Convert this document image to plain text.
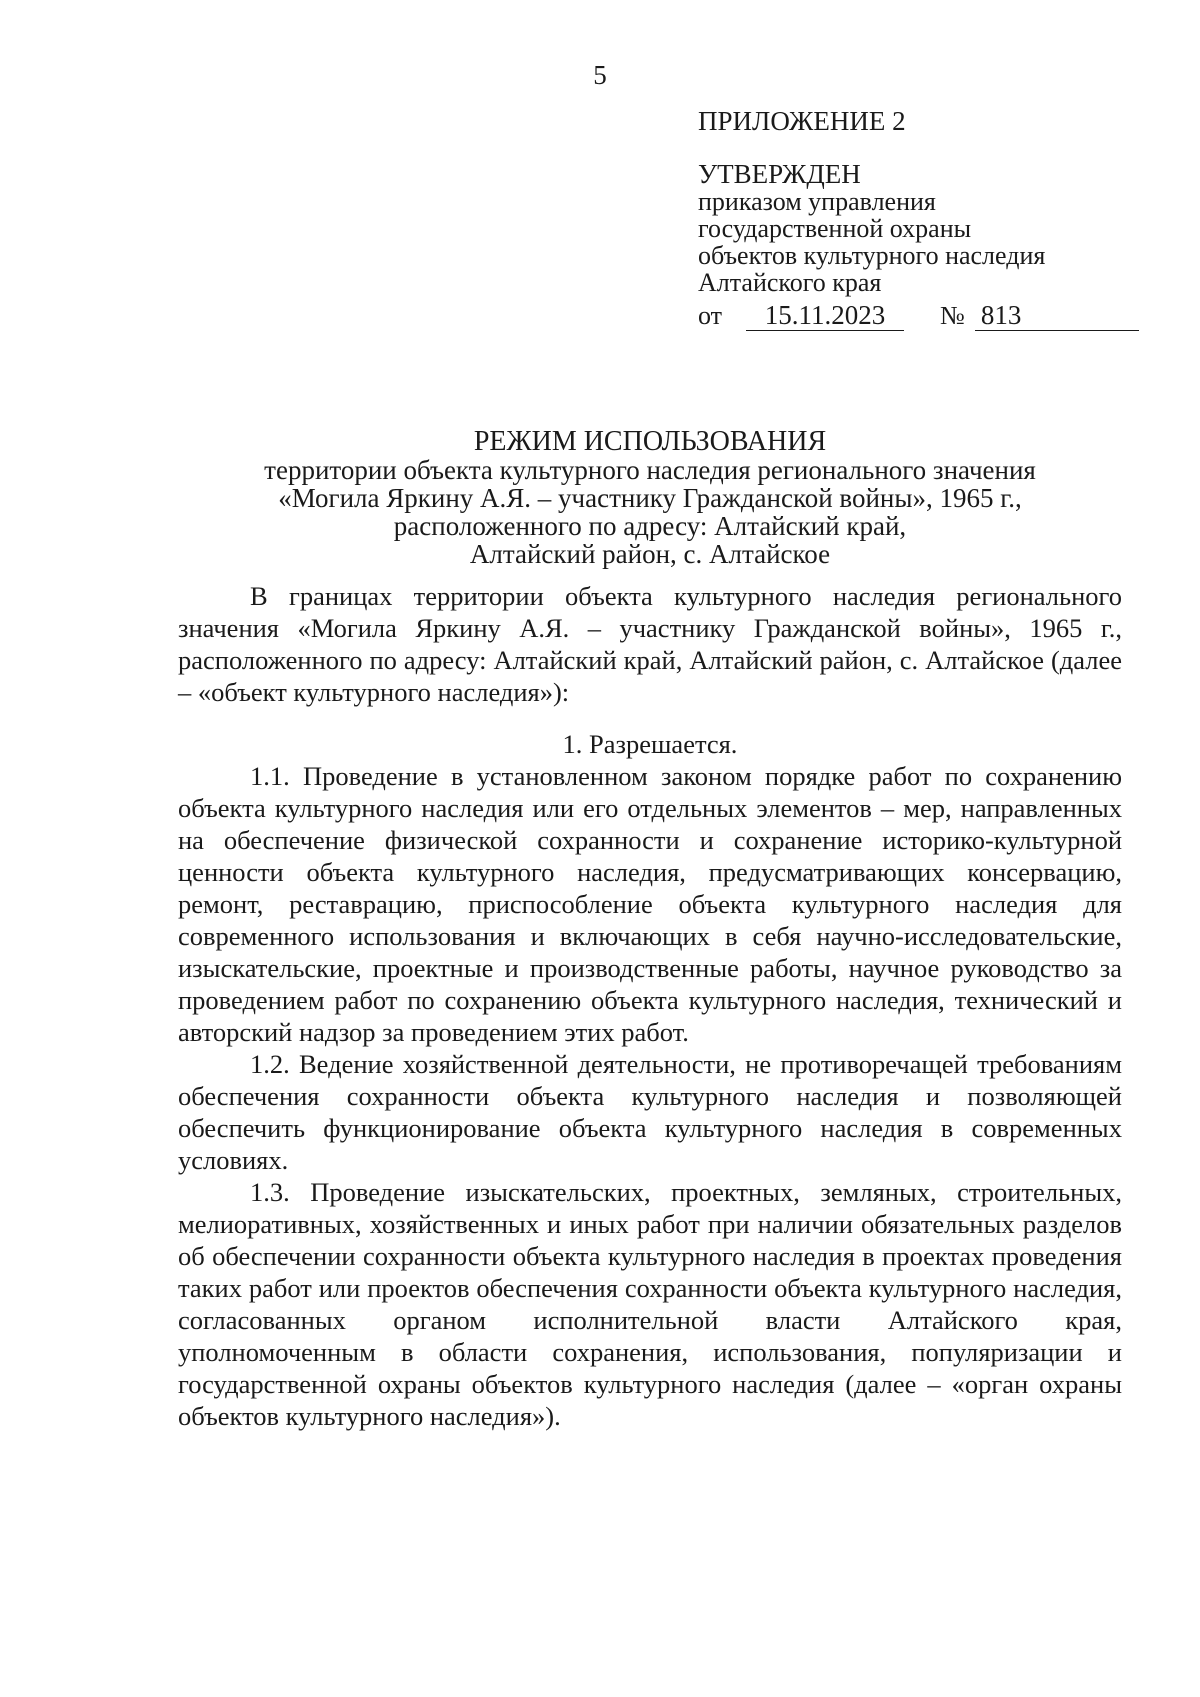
5
ПРИЛОЖЕНИЕ 2
УТВЕРЖДЕН
приказом управления
государственной охраны
объектов культурного наследия
Алтайского края
от 15.11.2023 № 813
РЕЖИМ ИСПОЛЬЗОВАНИЯ
территории объекта культурного наследия регионального значения
«Могила Яркину А.Я. – участнику Гражданской войны», 1965 г.,
расположенного по адресу: Алтайский край,
Алтайский район, с. Алтайское

В границах территории объекта культурного наследия регионального значения «Могила Яркину А.Я. – участнику Гражданской войны», 1965 г., расположенного по адресу: Алтайский край, Алтайский район, с. Алтайское (далее – «объект культурного наследия»):

1. Разрешается.

1.1. Проведение в установленном законом порядке работ по сохранению объекта культурного наследия или его отдельных элементов – мер, направленных на обеспечение физической сохранности и сохранение историко-культурной ценности объекта культурного наследия, предусматривающих консервацию, ремонт, реставрацию, приспособление объекта культурного наследия для современного использования и включающих в себя научно-исследовательские, изыскательские, проектные и производственные работы, научное руководство за проведением работ по сохранению объекта культурного наследия, технический и авторский надзор за проведением этих работ.

1.2. Ведение хозяйственной деятельности, не противоречащей требованиям обеспечения сохранности объекта культурного наследия и позволяющей обеспечить функционирование объекта культурного наследия в современных условиях.

1.3. Проведение изыскательских, проектных, земляных, строительных, мелиоративных, хозяйственных и иных работ при наличии обязательных разделов об обеспечении сохранности объекта культурного наследия в проектах проведения таких работ или проектов обеспечения сохранности объекта культурного наследия, согласованных органом исполнительной власти Алтайского края, уполномоченным в области сохранения, использования, популяризации и государственной охраны объектов культурного наследия (далее – «орган охраны объектов культурного наследия»).
